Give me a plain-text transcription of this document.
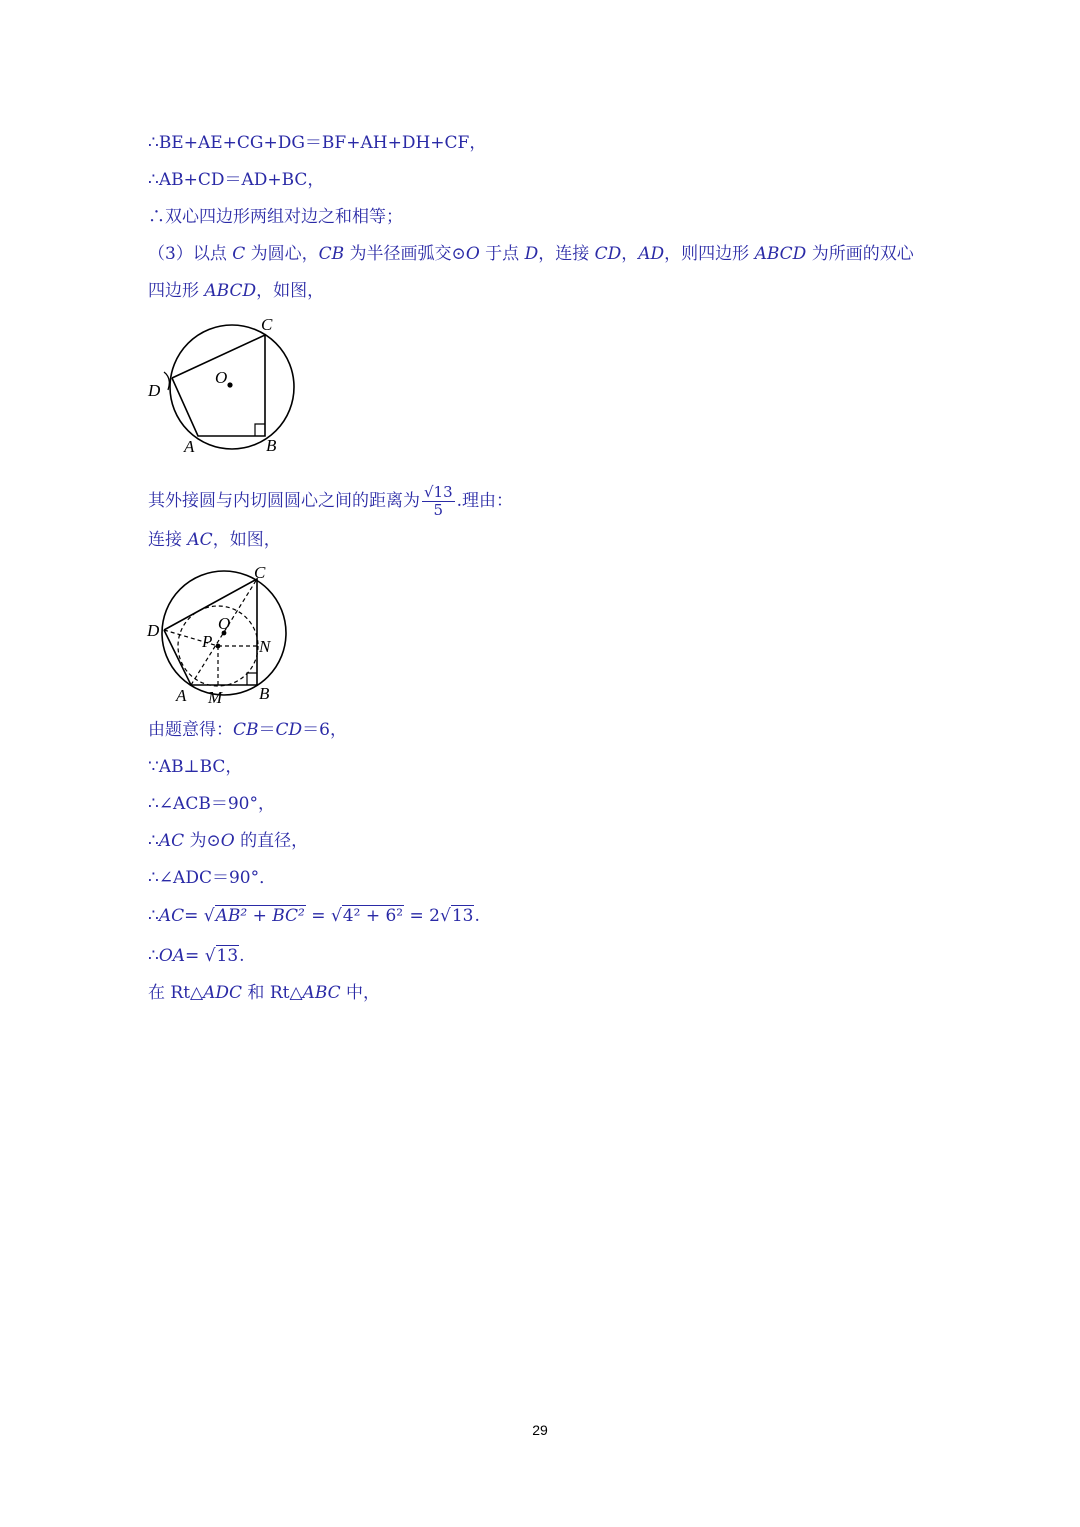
∴BE+AE+CG+DG＝BF+AH+DH+CF，
∴AB+CD＝AD+BC，
∴双心四边形两组对边之和相等；
（3）以点 C 为圆心，CB 为半径画弧交⊙O 于点 D，连接 CD，AD，则四边形 ABCD 为所画的双心
四边形 ABCD，如图，
C
D
O
A	B
其外接圆与内切圆圆心之间的距离为 $\frac{√13}{5}$ .理由：
连接 AC，如图，
C
D	O
P	N
A M B
由题意得：CB＝CD＝6，
∵AB⊥BC，
∴∠ACB＝90°，
∴AC 为⊙O 的直径，
∴∠ADC＝90°．
∴AC= √AB² + BC² = √4² + 6² = 2√13.
∴OA= √13.
在 Rt△ADC 和 Rt△ABC 中，
29
